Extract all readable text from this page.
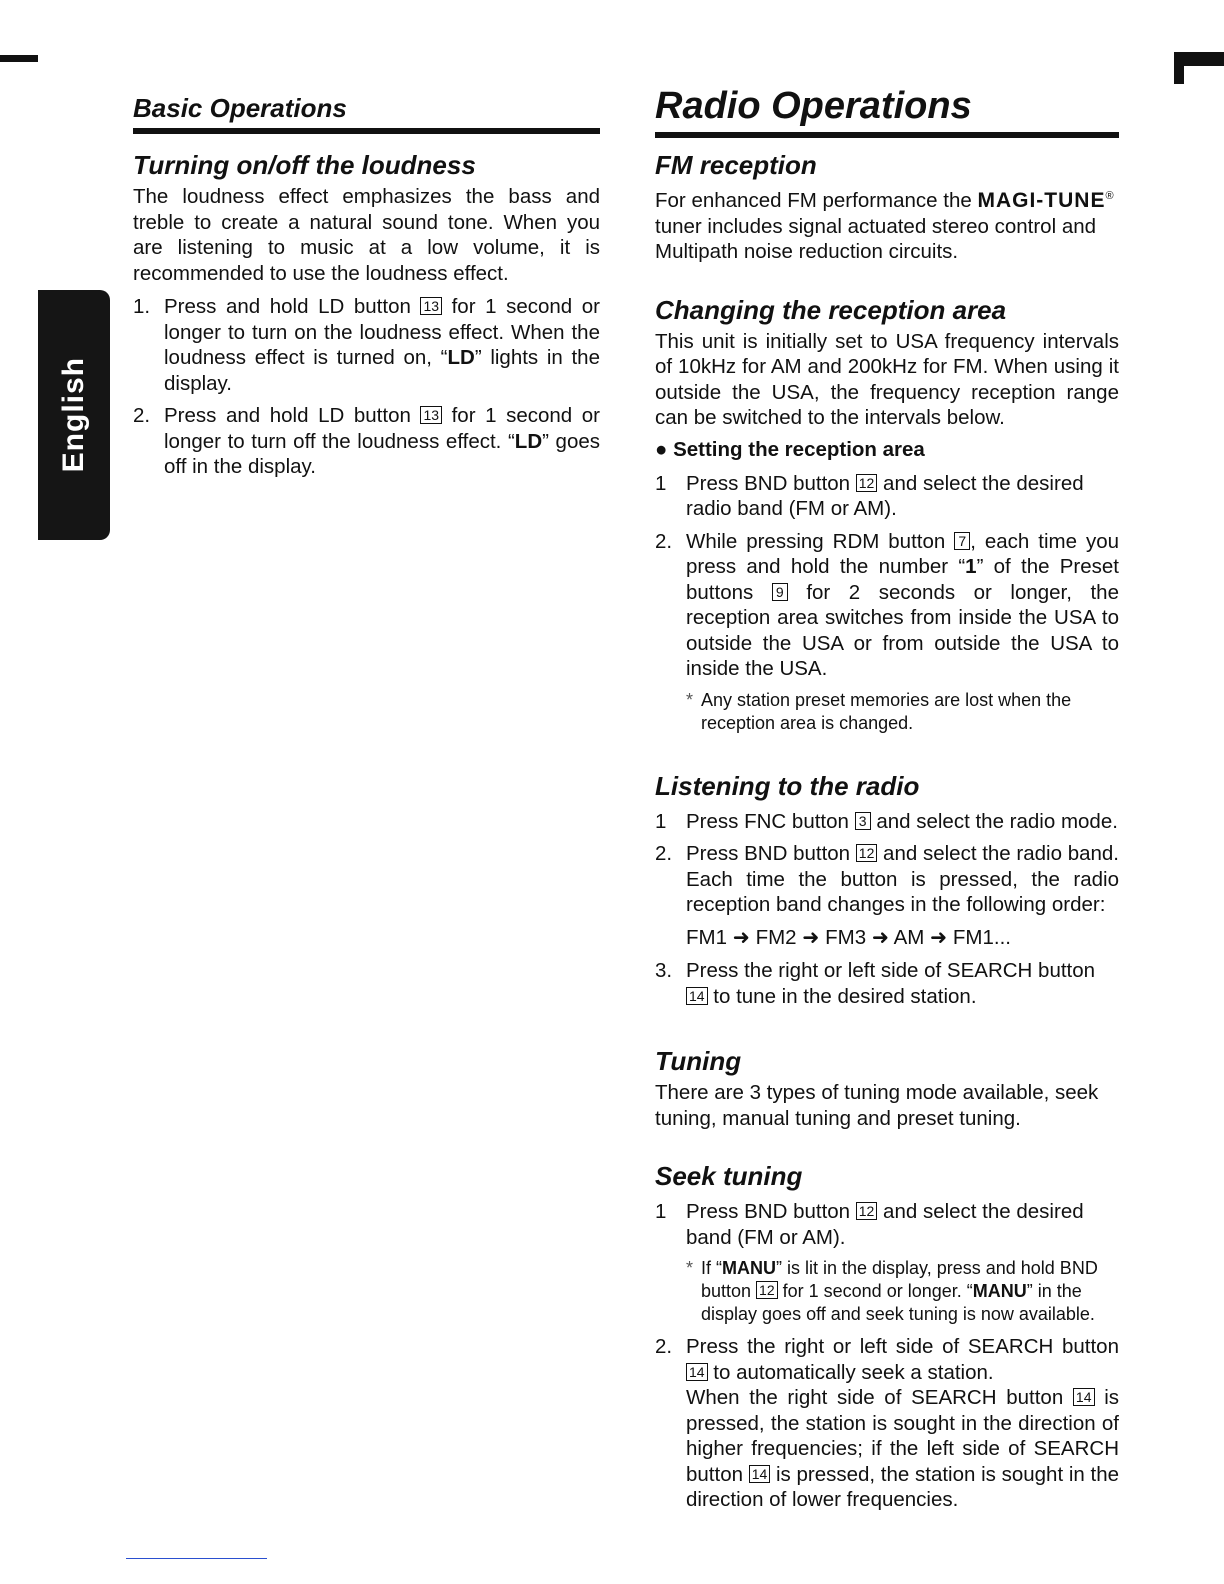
English
Basic Operations
Turning on/off the loudness

The loudness effect emphasizes the bass and treble to create a natural sound tone. When you are listening to music at a low volume, it is recommended to use the loudness effect.

1. Press and hold LD button 13 for 1 second or longer to turn on the loudness effect. When the loudness effect is turned on, “LD” lights in the display.
2. Press and hold LD button 13 for 1 second or longer to turn off the loudness effect. “LD” goes off in the display.
Radio Operations
FM reception

For enhanced FM performance the MAGI-TUNE® tuner includes signal actuated stereo control and Multipath noise reduction circuits.

Changing the reception area

This unit is initially set to USA frequency intervals of 10kHz for AM and 200kHz for FM. When using it outside the USA, the frequency reception range can be switched to the intervals below.

● Setting the reception area
1 Press BND button 12 and select the desired radio band (FM or AM).
2. While pressing RDM button 7 , each time you press and hold the number “1” of the Preset buttons 9 for 2 seconds or longer, the reception area switches from inside the USA to outside the USA or from outside the USA to inside the USA.
* Any station preset memories are lost when the reception area is changed.
Listening to the radio
1 Press FNC button 3 and select the radio mode.
2. Press BND button 12 and select the radio band. Each time the button is pressed, the radio reception band changes in the following order:
FM1 ➜ FM2 ➜ FM3 ➜ AM ➜ FM1...
3. Press the right or left side of SEARCH button 14 to tune in the desired station.
Tuning

There are 3 types of tuning mode available, seek tuning, manual tuning and preset tuning.

Seek tuning
1 Press BND button 12 and select the desired band (FM or AM).
* If “MANU” is lit in the display, press and hold BND button 12 for 1 second or longer. “MANU” in the display goes off and seek tuning is now available.
2. Press the right or left side of SEARCH button 14 to automatically seek a station.
When the right side of SEARCH button 14 is pressed, the station is sought in the direction of higher frequencies; if the left side of SEARCH button 14 is pressed, the station is sought in the direction of lower frequencies.
